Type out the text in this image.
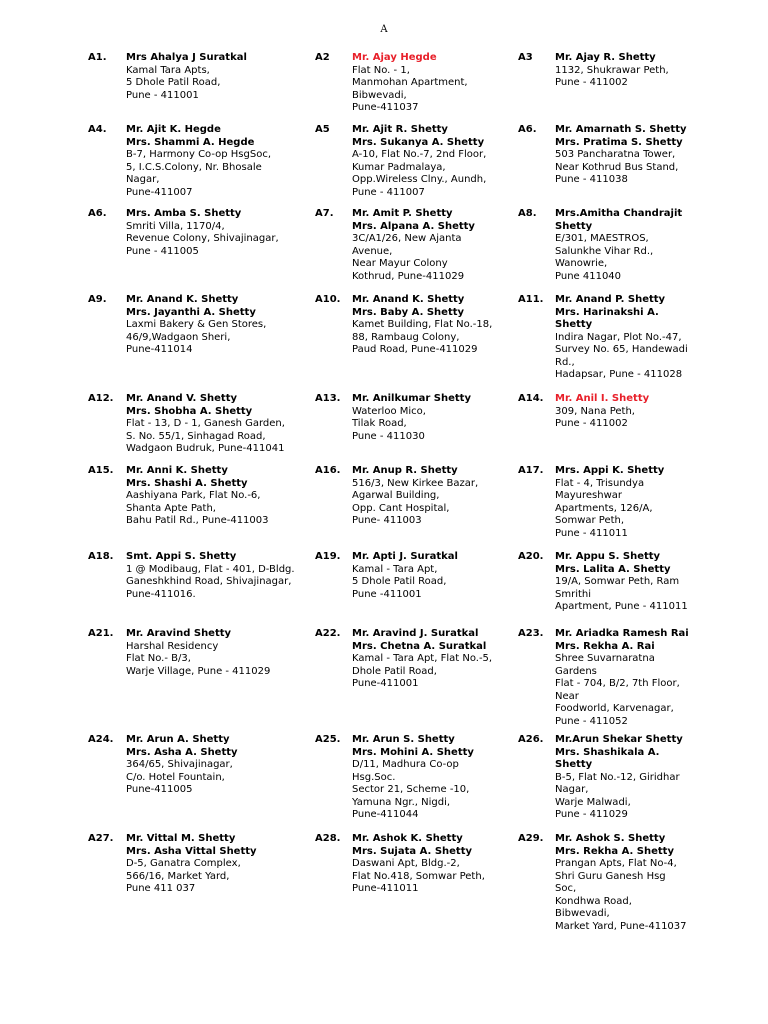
A
A1. Mrs Ahalya J Suratkal
Kamal Tara Apts,
5 Dhole Patil Road,
Pune - 411001
A2 Mr. Ajay Hegde
Flat No. - 1,
Manmohan Apartment,
Bibwevadi,
Pune-411037
A3 Mr. Ajay R. Shetty
1132, Shukrawar Peth,
Pune - 411002
A4. Mr. Ajit K. Hegde
Mrs. Shammi A. Hegde
B-7, Harmony Co-op HsgSoc,
5, I.C.S.Colony, Nr. Bhosale
Nagar,
Pune-411007
A5 Mr. Ajit R. Shetty
Mrs. Sukanya A. Shetty
A-10, Flat No.-7, 2nd Floor,
Kumar Padmalaya,
Opp.Wireless Clny., Aundh,
Pune - 411007
A6. Mr. Amarnath S. Shetty
Mrs. Pratima S. Shetty
503 Pancharatna Tower,
Near Kothrud Bus Stand,
Pune - 411038
A6. Mrs. Amba S. Shetty
Smriti Villa, 1170/4,
Revenue Colony, Shivajinagar,
Pune - 411005
A7. Mr. Amit P. Shetty
Mrs. Alpana A. Shetty
3C/A1/26, New Ajanta
Avenue,
Near Mayur Colony
Kothrud, Pune-411029
A8. Mrs.Amitha Chandrajit
Shetty
E/301, MAESTROS,
Salunkhe Vihar Rd.,
Wanowrie,
Pune 411040
A9. Mr. Anand K. Shetty
Mrs. Jayanthi A. Shetty
Laxmi Bakery & Gen Stores,
46/9,Wadgaon Sheri,
Pune-411014
A10. Mr. Anand K. Shetty
Mrs. Baby A. Shetty
Kamet Building, Flat No.-18,
88, Rambaug Colony,
Paud Road, Pune-411029
A11. Mr. Anand P. Shetty
Mrs. Harinakshi A.
Shetty
Indira Nagar, Plot No.-47,
Survey No. 65, Handewadi
Rd.,
Hadapsar, Pune - 411028
A12. Mr. Anand V. Shetty
Mrs. Shobha A. Shetty
Flat - 13, D - 1, Ganesh Garden,
S. No. 55/1, Sinhagad Road,
Wadgaon Budruk, Pune-411041
A13. Mr. Anilkumar Shetty
Waterloo Mico,
Tilak Road,
Pune - 411030
A14. Mr. Anil I. Shetty
309, Nana Peth,
Pune - 411002
A15. Mr. Anni K. Shetty
Mrs. Shashi A. Shetty
Aashiyana Park, Flat No.-6,
Shanta Apte Path,
Bahu Patil Rd., Pune-411003
A16. Mr. Anup R. Shetty
516/3, New Kirkee Bazar,
Agarwal Building,
Opp. Cant Hospital,
Pune- 411003
A17. Mrs. Appi K. Shetty
Flat - 4, Trisundya
Mayureshwar
Apartments, 126/A,
Somwar Peth,
Pune - 411011
A18. Smt. Appi S. Shetty
1 @ Modibaug, Flat - 401, D-Bldg.
Ganeshkhind Road, Shivajinagar,
Pune-411016.
A19. Mr. Apti J. Suratkal
Kamal - Tara Apt,
5 Dhole Patil Road,
Pune -411001
A20. Mr. Appu S. Shetty
Mrs. Lalita A. Shetty
19/A, Somwar Peth, Ram
Smrithi
Apartment, Pune - 411011
A21. Mr. Aravind Shetty
Harshal Residency
Flat No.- B/3,
Warje Village, Pune - 411029
A22. Mr. Aravind J. Suratkal
Mrs. Chetna A. Suratkal
Kamal - Tara Apt, Flat No.-5,
Dhole Patil Road,
Pune-411001
A23. Mr. Ariadka Ramesh Rai
Mrs. Rekha A. Rai
Shree Suvarnaratna
Gardens
Flat - 704, B/2, 7th Floor,
Near
Foodworld, Karvenagar,
Pune - 411052
A24. Mr. Arun A. Shetty
Mrs. Asha A. Shetty
364/65, Shivajinagar,
C/o. Hotel Fountain,
Pune-411005
A25. Mr. Arun S. Shetty
Mrs. Mohini A. Shetty
D/11, Madhura Co-op
Hsg.Soc.
Sector 21, Scheme -10,
Yamuna Ngr., Nigdi,
Pune-411044
A26. Mr.Arun Shekar Shetty
Mrs. Shashikala A.
Shetty
B-5, Flat No.-12, Giridhar
Nagar,
Warje Malwadi,
Pune - 411029
A27. Mr. Vittal M. Shetty
Mrs. Asha Vittal Shetty
D-5, Ganatra Complex,
566/16, Market Yard,
Pune 411 037
A28. Mr. Ashok K. Shetty
Mrs. Sujata A. Shetty
Daswani Apt, Bldg.-2,
Flat No.418, Somwar Peth,
Pune-411011
A29. Mr. Ashok S. Shetty
Mrs. Rekha A. Shetty
Prangan Apts, Flat No-4,
Shri Guru Ganesh Hsg
Soc,
Kondhwa Road,
Bibwevadi,
Market Yard, Pune-411037
